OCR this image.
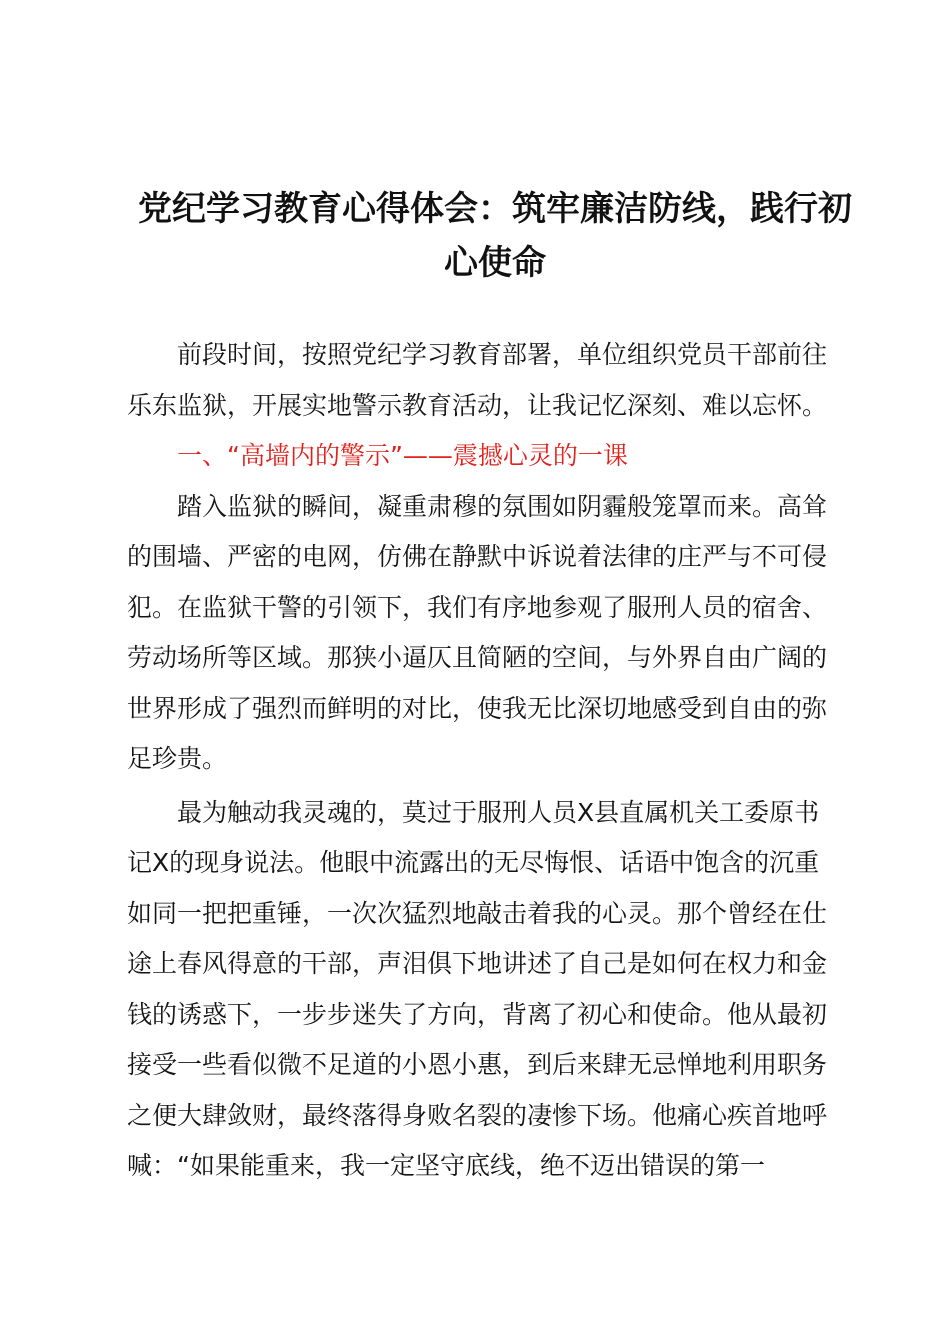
党纪学习教育心得体会：筑牢廉洁防线，践行初
心使命

前段时间，按照党纪学习教育部署，单位组织党员干部前往
乐东监狱，开展实地警示教育活动，让我记忆深刻、难以忘怀。

一、“高墙内的警示”——震撼心灵的一课

踏入监狱的瞬间，凝重肃穆的氛围如阴霾般笼罩而来。高耸
的围墙、严密的电网，仿佛在静默中诉说着法律的庄严与不可侵
犯。在监狱干警的引领下，我们有序地参观了服刑人员的宿舍、
劳动场所等区域。那狭小逼仄且简陋的空间，与外界自由广阔的
世界形成了强烈而鲜明的对比，使我无比深切地感受到自由的弥
足珍贵。

最为触动我灵魂的，莫过于服刑人员X县直属机关工委原书
记X的现身说法。他眼中流露出的无尽悔恨、话语中饱含的沉重
如同一把把重锤，一次次猛烈地敲击着我的心灵。那个曾经在仕
途上春风得意的干部，声泪俱下地讲述了自己是如何在权力和金
钱的诱惑下，一步步迷失了方向，背离了初心和使命。他从最初
接受一些看似微不足道的小恩小惠，到后来肆无忌惮地利用职务
之便大肆敛财，最终落得身败名裂的凄惨下场。他痛心疾首地呼
喊：“如果能重来，我一定坚守底线，绝不迈出错误的第一
